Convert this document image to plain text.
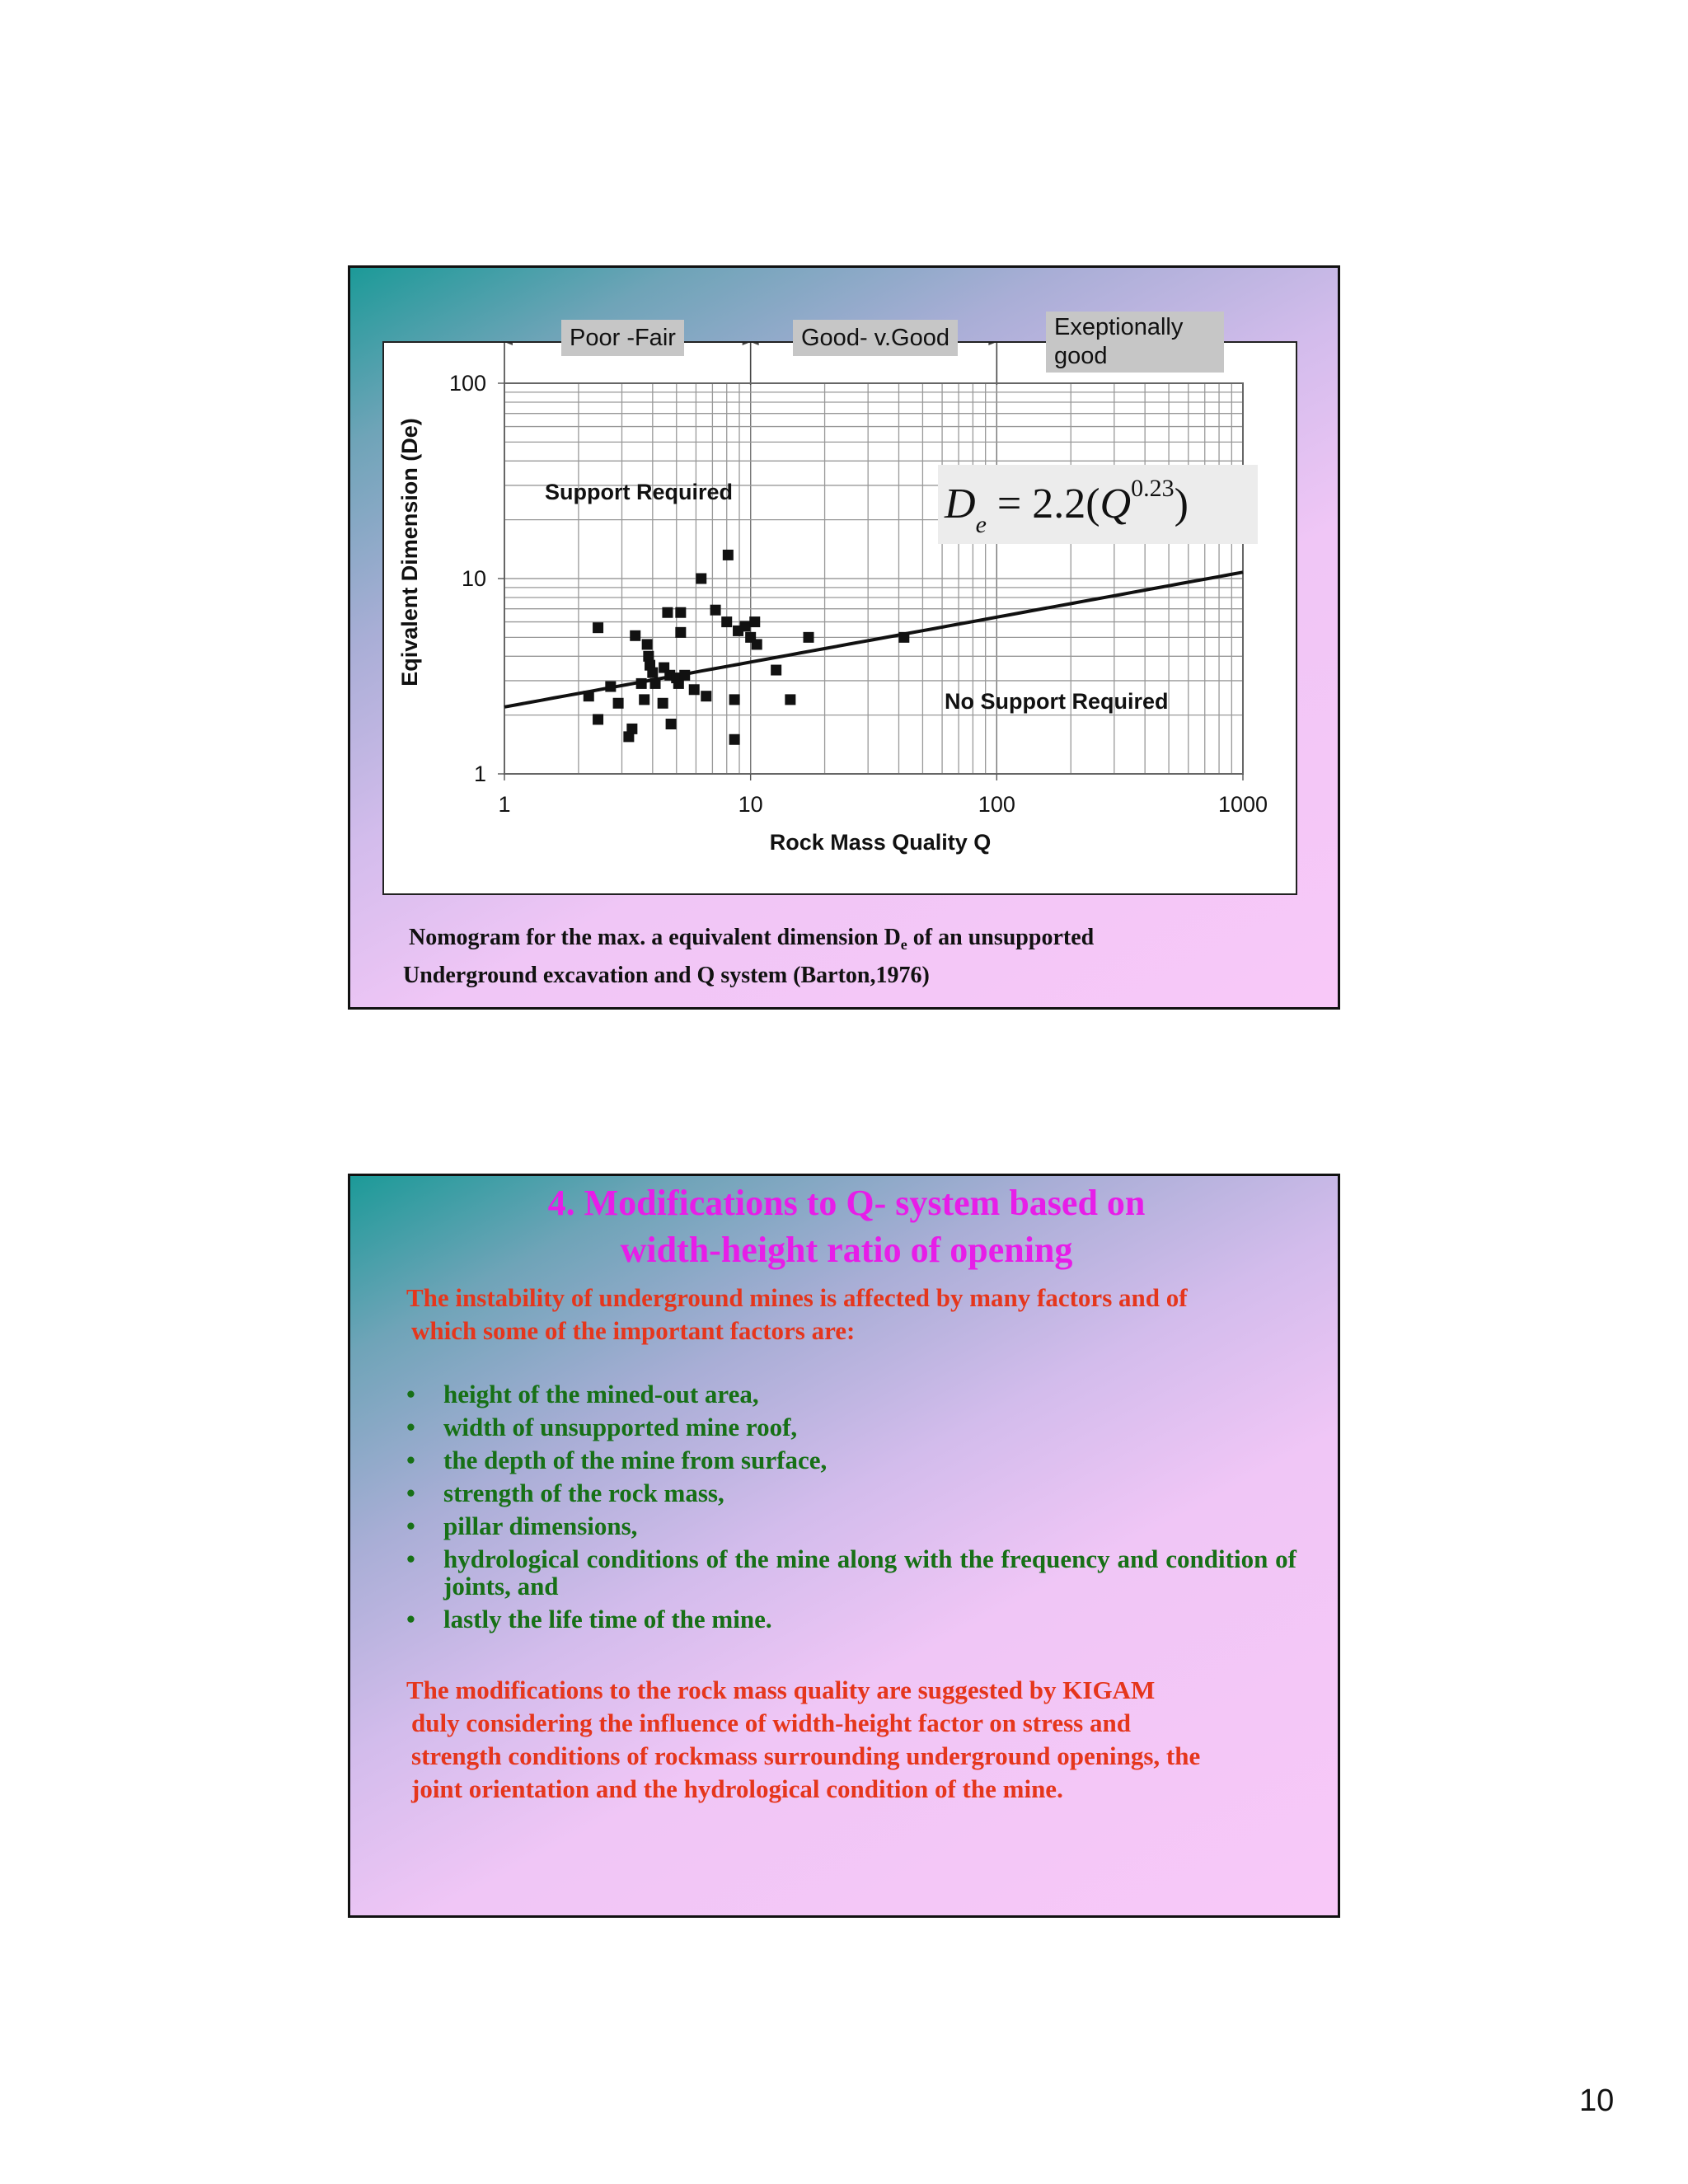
1	10	100	1000
1
10
100
Rock Mass Quality Q
Eqivalent Dimension (De)	Support Required
No Support Required
$D_e = 2.2(Q^{0.23})$
Poor -Fair	Good- v.Good	Exeptionally good
Nomogram for the max. a equivalent dimension $D_e$ of an unsupported
Underground excavation and Q system (Barton,1976)
4. Modifications to Q- system based on
width-height ratio of opening
The instability of underground mines is affected by many factors and of
which some of the important factors are:
• height of the mined-out area,
• width of unsupported mine roof,
• the depth of the mine from surface,
• strength of the rock mass,
• pillar dimensions,
• hydrological conditions of the mine along with the frequency and condition of joints, and
• lastly the life time of the mine.
The modifications to the rock mass quality are suggested by KIGAM
duly considering the influence of width-height factor on stress and
strength conditions of rockmass surrounding underground openings, the
joint orientation and the hydrological condition of the mine.
10
